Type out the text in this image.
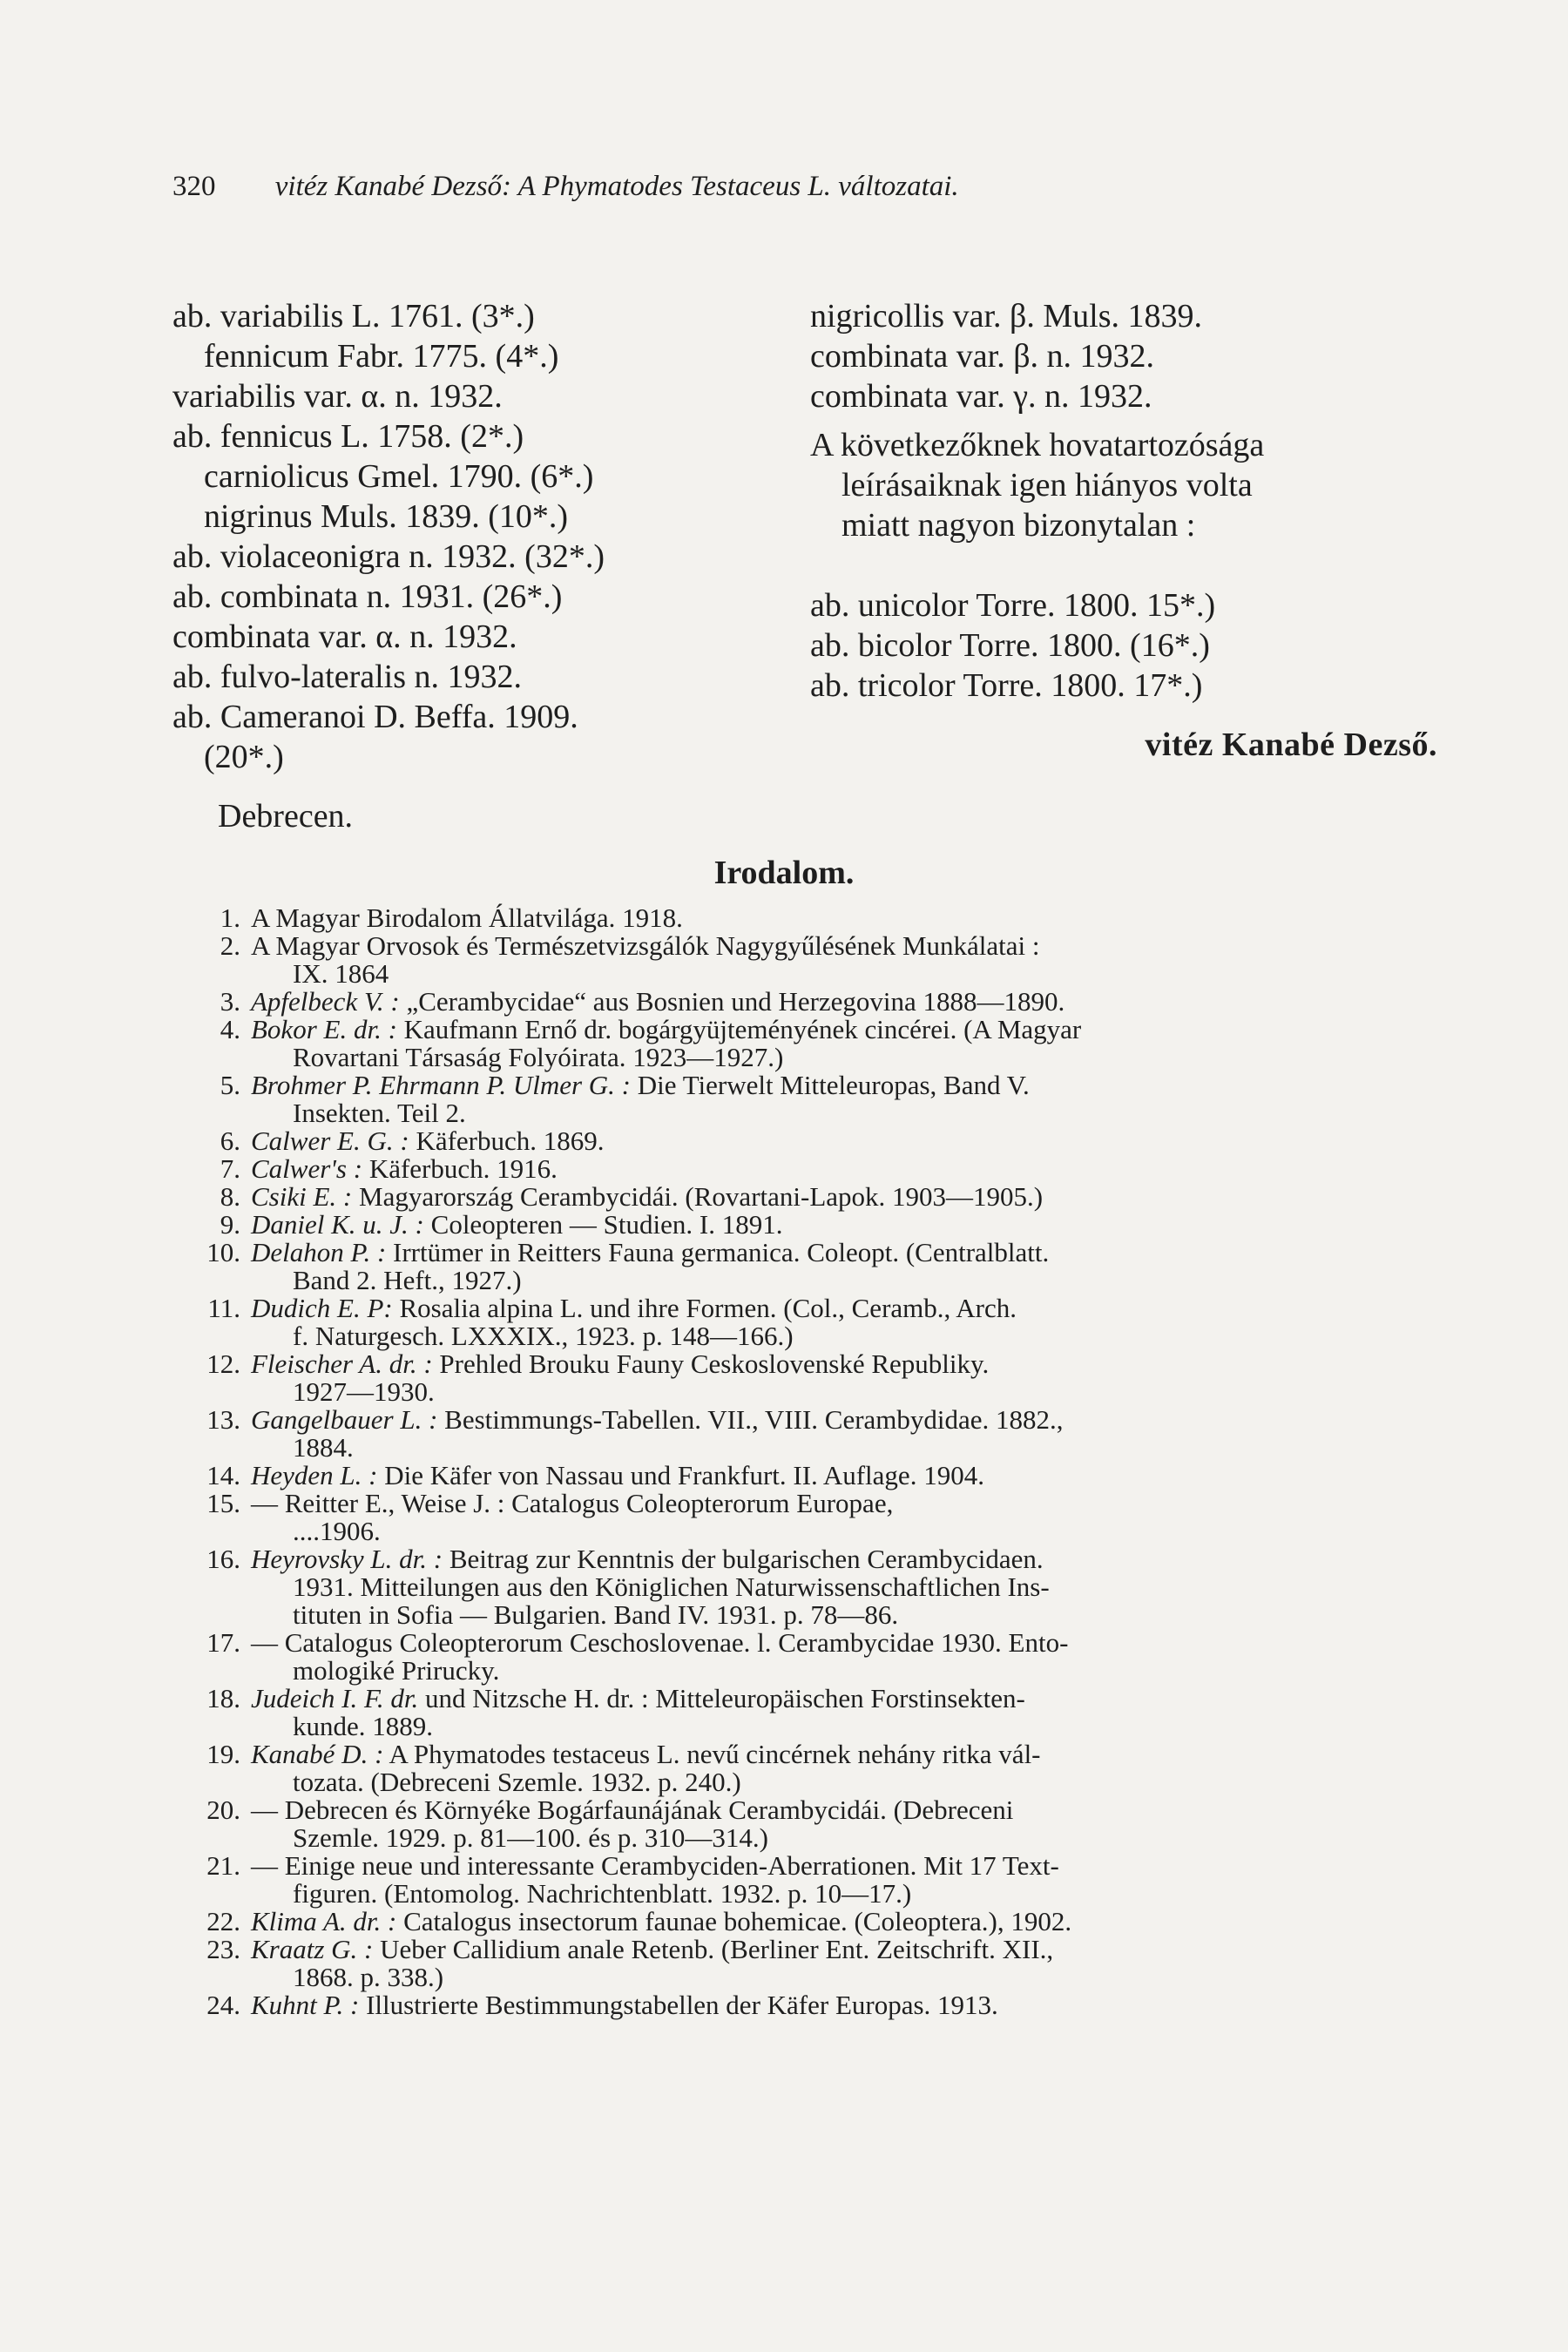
320 vitéz Kanabé Dezső: A Phymatodes Testaceus L. változatai.
ab. variabilis L. 1761. (3*.)
fennicum Fabr. 1775. (4*.)
variabilis var. α. n. 1932.
ab. fennicus L. 1758. (2*.)
carniolicus Gmel. 1790. (6*.)
nigrinus Muls. 1839. (10*.)
ab. violaceonigra n. 1932. (32*.)
ab. combinata n. 1931. (26*.)
combinata var. α. n. 1932.
ab. fulvo-lateralis n. 1932.
ab. Cameranoi D. Beffa. 1909.
(20*.)
Debrecen.
nigricollis var. β. Muls. 1839.
combinata var. β. n. 1932.
combinata var. γ. n. 1932.
A következőknek hovatartozósága
leírásaiknak igen hiányos volta
miatt nagyon bizonytalan :
ab. unicolor Torre. 1800. 15*.)
ab. bicolor Torre. 1800. (16*.)
ab. tricolor Torre. 1800. 17*.)
vitéz Kanabé Dezső.
Irodalom.
1. A Magyar Birodalom Állatvilága. 1918.
2. A Magyar Orvosok és Természetvizsgálók Nagygyűlésének Munkálatai :
IX. 1864
3. Apfelbeck V. : „Cerambycidae“ aus Bosnien und Herzegovina 1888—1890.
4. Bokor E. dr. : Kaufmann Ernő dr. bogárgyüjteményének cincérei. (A Magyar
Rovartani Társaság Folyóirata. 1923—1927.)
5. Brohmer P. Ehrmann P. Ulmer G. : Die Tierwelt Mitteleuropas, Band V.
Insekten. Teil 2.
6. Calwer E. G. : Käferbuch. 1869.
7. Calwer's : Käferbuch. 1916.
8. Csiki E. : Magyarország Cerambycidái. (Rovartani-Lapok. 1903—1905.)
9. Daniel K. u. J. : Coleopteren — Studien. I. 1891.
10. Delahon P. : Irrtümer in Reitters Fauna germanica. Coleopt. (Centralblatt.
Band 2. Heft., 1927.)
11. Dudich E. P: Rosalia alpina L. und ihre Formen. (Col., Ceramb., Arch.
f. Naturgesch. LXXXIX., 1923. p. 148—166.)
12. Fleischer A. dr. : Prehled Brouku Fauny Ceskoslovenské Republiky.
1927—1930.
13. Gangelbauer L. : Bestimmungs-Tabellen. VII., VIII. Cerambydidae. 1882.,
1884.
14. Heyden L. : Die Käfer von Nassau und Frankfurt. II. Auflage. 1904.
15. — Reitter E., Weise J. : Catalogus Coleopterorum Europae,
....1906.
16. Heyrovsky L. dr. : Beitrag zur Kenntnis der bulgarischen Cerambycidaen.
1931. Mitteilungen aus den Königlichen Naturwissenschaftlichen Ins-
tituten in Sofia — Bulgarien. Band IV. 1931. p. 78—86.
17. — Catalogus Coleopterorum Ceschoslovenae. l. Cerambycidae 1930. Ento-
mologiké Prirucky.
18. Judeich I. F. dr. und Nitzsche H. dr. : Mitteleuropäischen Forstinsekten-
kunde. 1889.
19. Kanabé D. : A Phymatodes testaceus L. nevű cincérnek nehány ritka vál-
tozata. (Debreceni Szemle. 1932. p. 240.)
20. — Debrecen és Környéke Bogárfaunájának Cerambycidái. (Debreceni
Szemle. 1929. p. 81—100. és p. 310—314.)
21. — Einige neue und interessante Cerambyciden-Aberrationen. Mit 17 Text-
figuren. (Entomolog. Nachrichtenblatt. 1932. p. 10—17.)
22. Klima A. dr. : Catalogus insectorum faunae bohemicae. (Coleoptera.), 1902.
23. Kraatz G. : Ueber Callidium anale Retenb. (Berliner Ent. Zeitschrift. XII.,
1868. p. 338.)
24. Kuhnt P. : Illustrierte Bestimmungstabellen der Käfer Europas. 1913.
